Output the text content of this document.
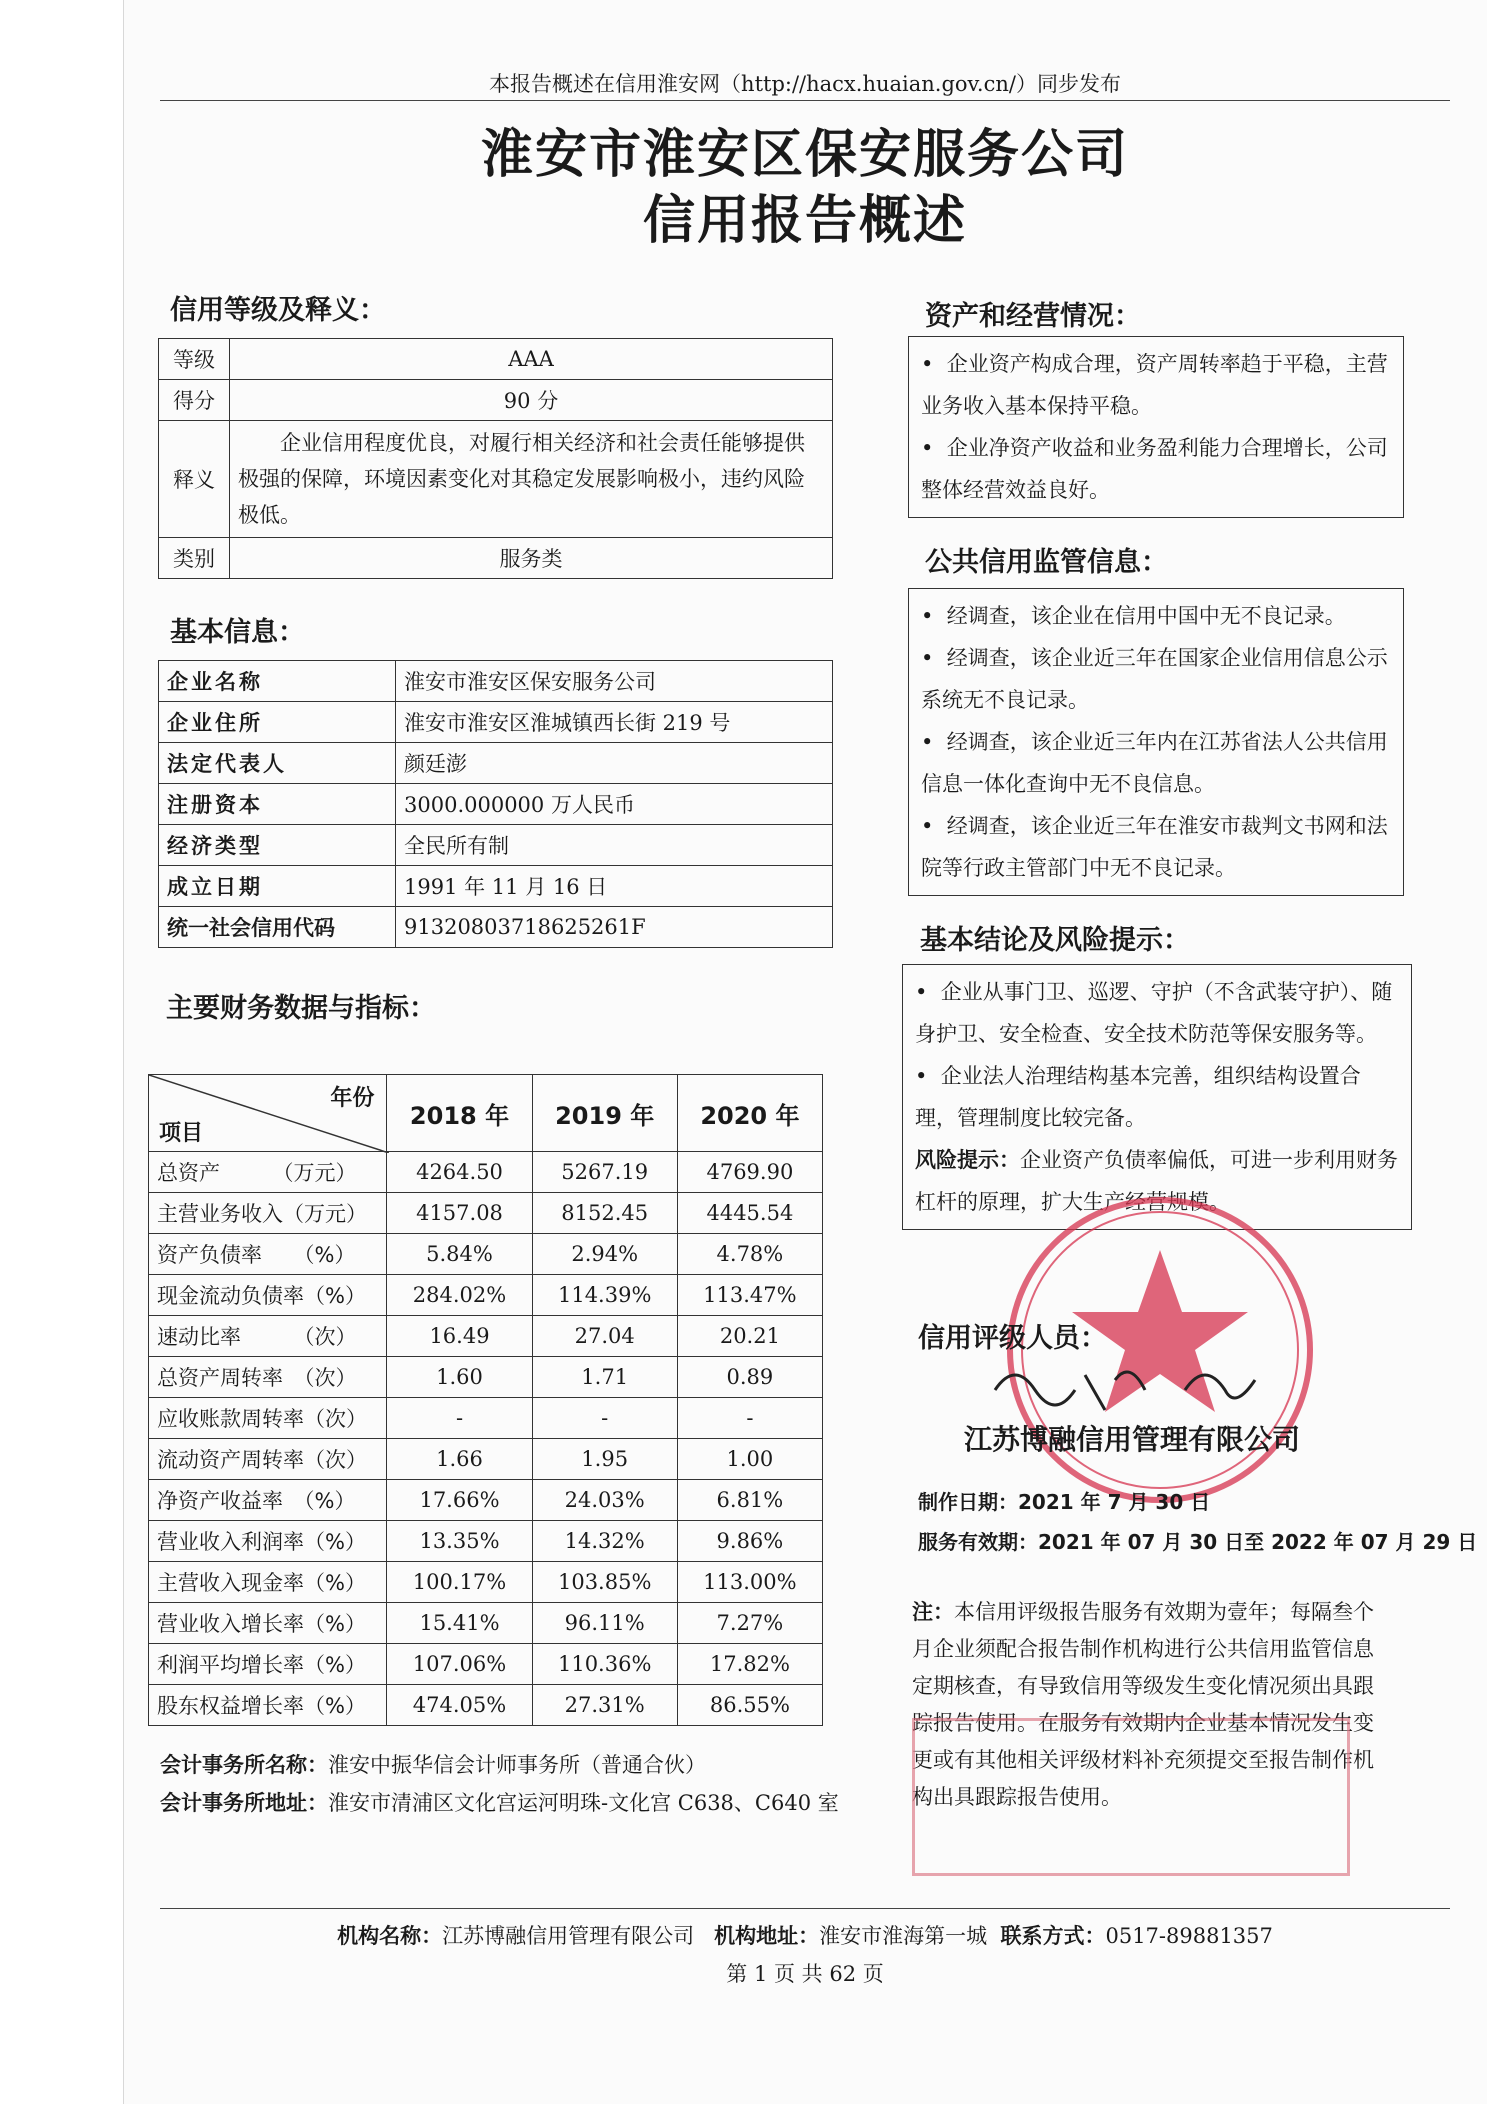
本报告概述在信用淮安网（http://hacx.huaian.gov.cn/）同步发布
淮安市淮安区保安服务公司
信用报告概述
信用等级及释义：
等级	AAA
得分	90 分
释义	企业信用程度优良，对履行相关经济和社会责任能够提供极强的保障，环境因素变化对其稳定发展影响极小，违约风险极低。
类别	服务类
基本信息：
企业名称	淮安市淮安区保安服务公司
企业住所	淮安市淮安区淮城镇西长街 219 号
法定代表人	颜廷澎
注册资本	3000.000000 万人民币
经济类型	全民所有制
成立日期	1991 年 11 月 16 日
统一社会信用代码	91320803718625261F
主要财务数据与指标：
年份
项目	2018 年	2019 年	2020 年
总资产　　　（万元）	4264.50	5267.19	4769.90
主营业务收入（万元）	4157.08	8152.45	4445.54
资产负债率　　（%）	5.84%	2.94%	4.78%
现金流动负债率（%）	284.02%	114.39%	113.47%
速动比率　　　（次）	16.49	27.04	20.21
总资产周转率　（次）	1.60	1.71	0.89
应收账款周转率（次）	-	-	-
流动资产周转率（次）	1.66	1.95	1.00
净资产收益率　（%）	17.66%	24.03%	6.81%
营业收入利润率（%）	13.35%	14.32%	9.86%
主营收入现金率（%）	100.17%	103.85%	113.00%
营业收入增长率（%）	15.41%	96.11%	7.27%
利润平均增长率（%）	107.06%	110.36%	17.82%
股东权益增长率（%）	474.05%	27.31%	86.55%
会计事务所名称：淮安中振华信会计师事务所（普通合伙）
会计事务所地址：淮安市清浦区文化宫运河明珠-文化宫 C638、C640 室
资产和经营情况：

•  企业资产构成合理，资产周转率趋于平稳，主营业务收入基本保持平稳。

•  企业净资产收益和业务盈利能力合理增长，公司整体经营效益良好。

公共信用监管信息：

•  经调查，该企业在信用中国中无不良记录。

•  经调查，该企业近三年在国家企业信用信息公示系统无不良记录。

•  经调查，该企业近三年内在江苏省法人公共信用信息一体化查询中无不良信息。

•  经调查，该企业近三年在淮安市裁判文书网和法院等行政主管部门中无不良记录。

基本结论及风险提示：

•  企业从事门卫、巡逻、守护（不含武装守护）、随身护卫、安全检查、安全技术防范等保安服务等。

•  企业法人治理结构基本完善，组织结构设置合理，管理制度比较完备。

风险提示：企业资产负债率偏低，可进一步利用财务杠杆的原理，扩大生产经营规模。

信用评级人员：
江苏博融信用管理有限公司
制作日期：2021 年 7 月 30 日
服务有效期：2021 年 07 月 30 日至 2022 年 07 月 29 日
注：本信用评级报告服务有效期为壹年；每隔叁个月企业须配合报告制作机构进行公共信用监管信息定期核查，有导致信用等级发生变化情况须出具跟踪报告使用。在服务有效期内企业基本情况发生变更或有其他相关评级材料补充须提交至报告制作机构出具跟踪报告使用。
机构名称：江苏博融信用管理有限公司 机构地址：淮安市淮海第一城 联系方式：0517-89881357
第 1 页 共 62 页
